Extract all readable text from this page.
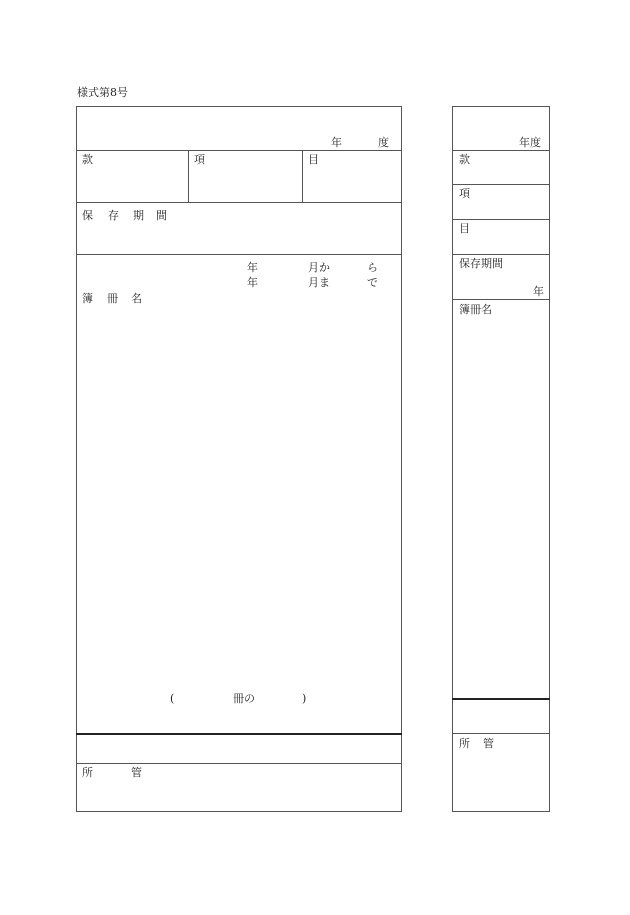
様式第8号
年	度
款	項	目
保 存 期 間
年	月か	ら
年	月ま	で
簿 冊 名
(	冊の	)
所	管
年度
款
項
目
保存期間
年
簿冊名
所 管
